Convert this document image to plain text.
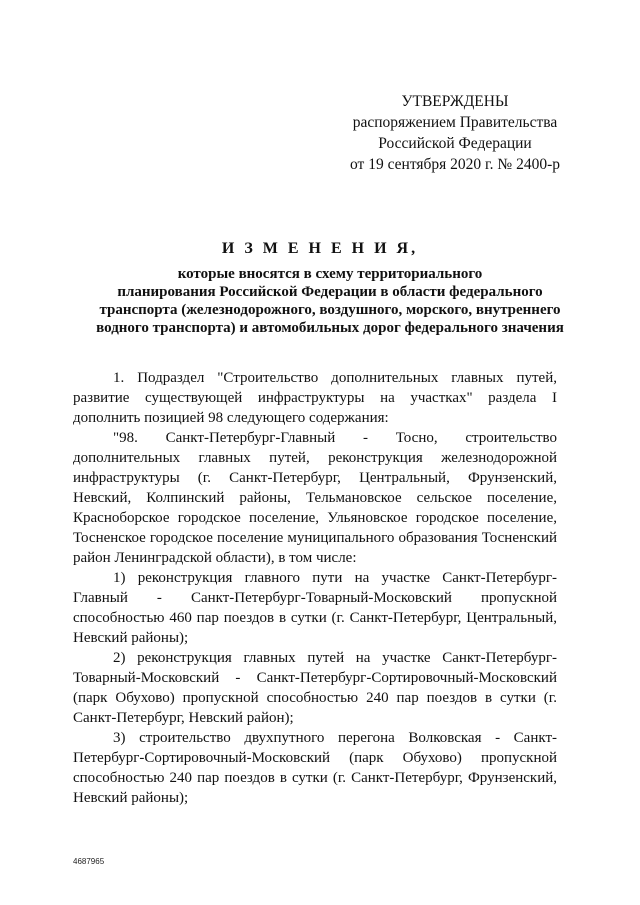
УТВЕРЖДЕНЫ
распоряжением Правительства
Российской Федерации
от 19 сентября 2020 г. № 2400-р
И З М Е Н Е Н И Я,
которые вносятся в схему территориального
планирования Российской Федерации в области федерального
транспорта (железнодорожного, воздушного, морского, внутреннего
водного транспорта) и автомобильных дорог федерального значения

1. Подраздел "Строительство дополнительных главных путей, развитие существующей инфраструктуры на участках" раздела I дополнить позицией 98 следующего содержания:

"98. Санкт-Петербург-Главный - Тосно, строительство дополнительных главных путей, реконструкция железнодорожной инфраструктуры (г. Санкт-Петербург, Центральный, Фрунзенский, Невский, Колпинский районы, Тельмановское сельское поселение, Красноборское городское поселение, Ульяновское городское поселение, Тосненское городское поселение муниципального образования Тосненский район Ленинградской области), в том числе:

1) реконструкция главного пути на участке Санкт-Петербург-Главный - Санкт-Петербург-Товарный-Московский пропускной способностью 460 пар поездов в сутки (г. Санкт-Петербург, Центральный, Невский районы);

2) реконструкция главных путей на участке Санкт-Петербург-Товарный-Московский - Санкт-Петербург-Сортировочный-Московский (парк Обухово) пропускной способностью 240 пар поездов в сутки (г. Санкт-Петербург, Невский район);

3) строительство двухпутного перегона Волковская - Санкт-Петербург-Сортировочный-Московский (парк Обухово) пропускной способностью 240 пар поездов в сутки (г. Санкт-Петербург, Фрунзенский, Невский районы);

4687965
